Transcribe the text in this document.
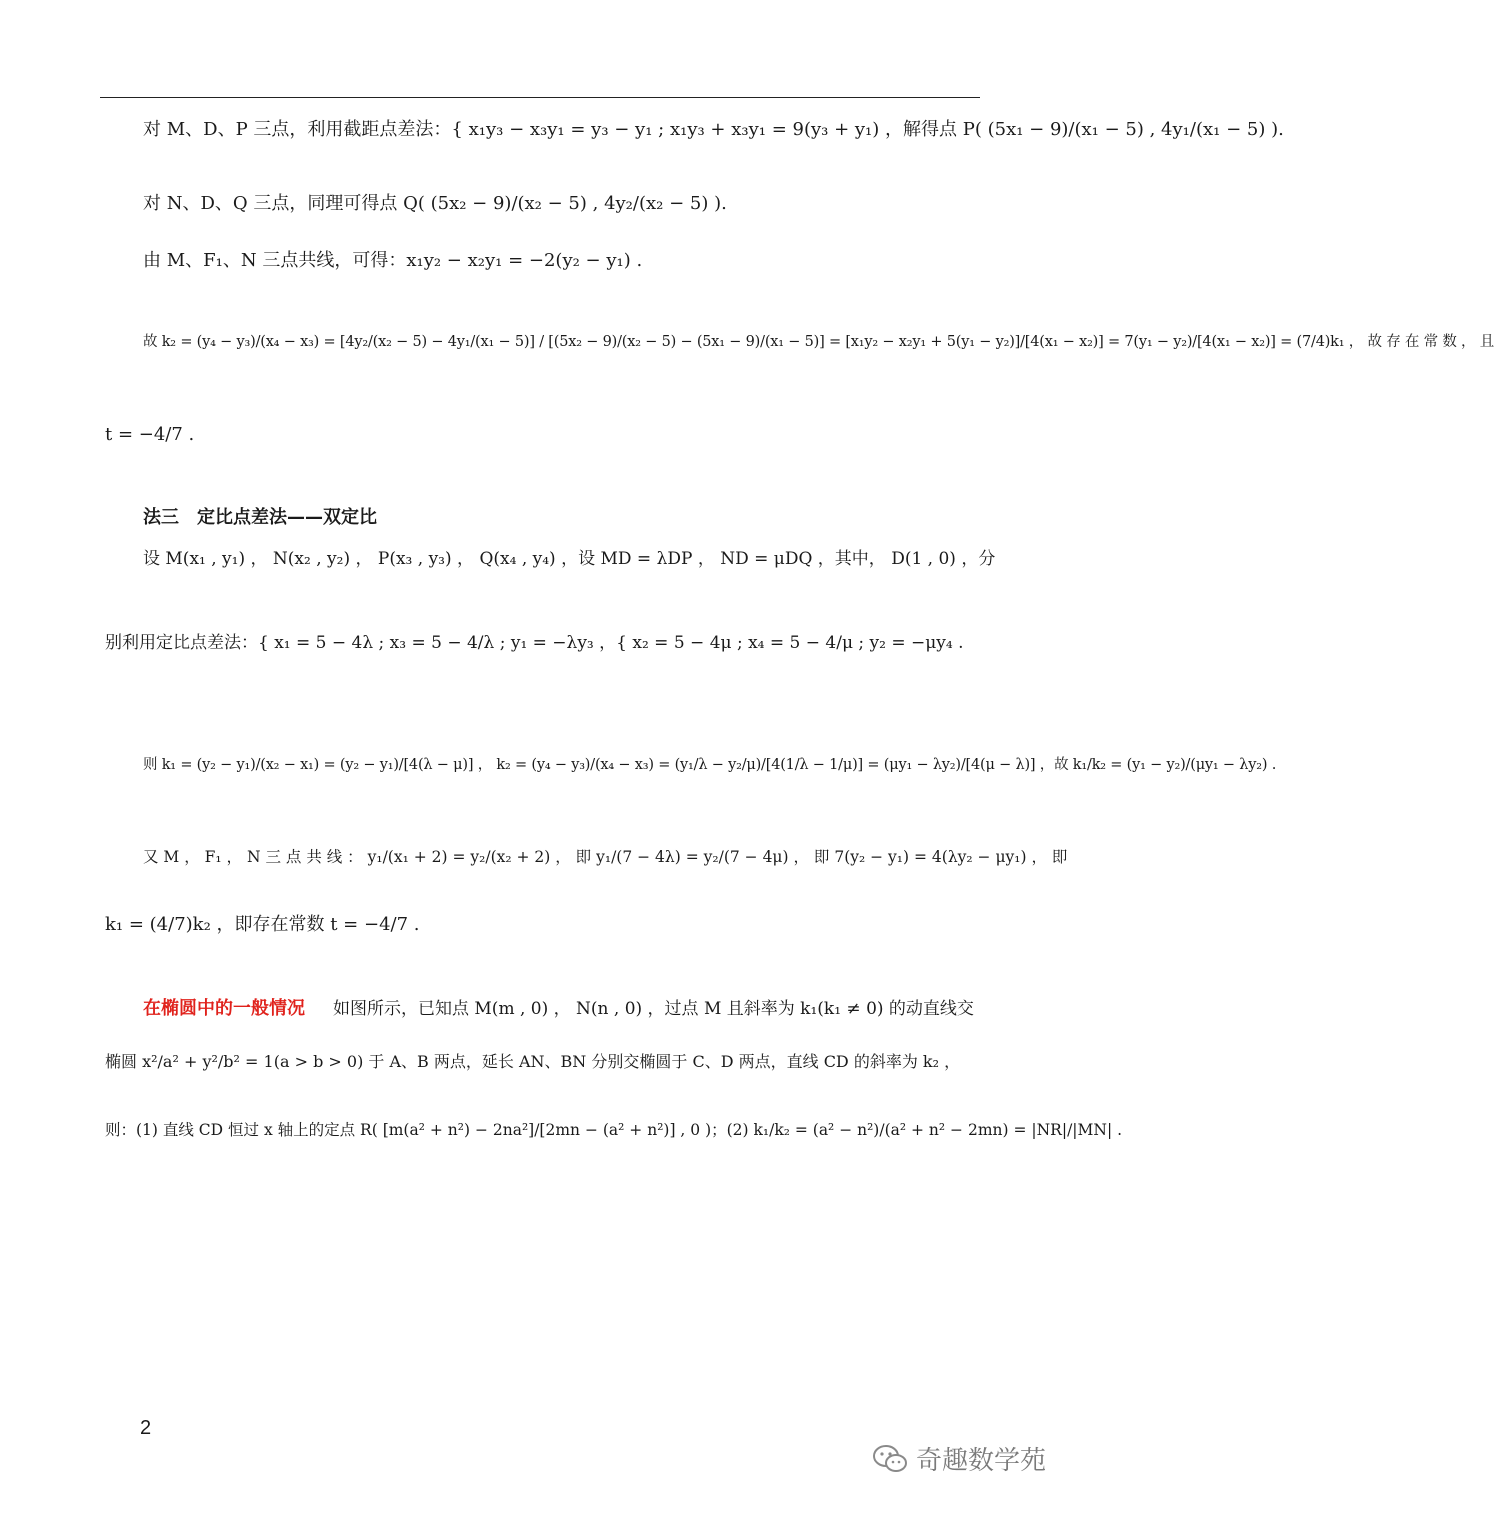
对 M、D、P 三点，利用截距点差法：{ x₁y₃ − x₃y₁ = y₃ − y₁ ; x₁y₃ + x₃y₁ = 9(y₃ + y₁) ，解得点 P( (5x₁ − 9)/(x₁ − 5) , 4y₁/(x₁ − 5) ).
对 N、D、Q 三点，同理可得点 Q( (5x₂ − 9)/(x₂ − 5) , 4y₂/(x₂ − 5) ).
由 M、F₁、N 三点共线，可得：x₁y₂ − x₂y₁ = −2(y₂ − y₁) .
故 k₂ = (y₄ − y₃)/(x₄ − x₃) = [4y₂/(x₂ − 5) − 4y₁/(x₁ − 5)] / [(5x₂ − 9)/(x₂ − 5) − (5x₁ − 9)/(x₁ − 5)] = [x₁y₂ − x₂y₁ + 5(y₁ − y₂)]/[4(x₁ − x₂)] = 7(y₁ − y₂)/[4(x₁ − x₂)] = (7/4)k₁ ， 故 存 在 常 数 ， 且
t = −4/7 .
法三　定比点差法——双定比
设 M(x₁ , y₁) ， N(x₂ , y₂) ， P(x₃ , y₃) ， Q(x₄ , y₄) ，设 MD = λDP ， ND = μDQ ，其中， D(1 , 0) ，分
别利用定比点差法：{ x₁ = 5 − 4λ ; x₃ = 5 − 4/λ ; y₁ = −λy₃ ，{ x₂ = 5 − 4μ ; x₄ = 5 − 4/μ ; y₂ = −μy₄ .
则 k₁ = (y₂ − y₁)/(x₂ − x₁) = (y₂ − y₁)/[4(λ − μ)] ， k₂ = (y₄ − y₃)/(x₄ − x₃) = (y₁/λ − y₂/μ)/[4(1/λ − 1/μ)] = (μy₁ − λy₂)/[4(μ − λ)] ，故 k₁/k₂ = (y₁ − y₂)/(μy₁ − λy₂) .
又 M ， F₁ ， N 三 点 共 线 ： y₁/(x₁ + 2) = y₂/(x₂ + 2) ， 即 y₁/(7 − 4λ) = y₂/(7 − 4μ) ， 即 7(y₂ − y₁) = 4(λy₂ − μy₁) ， 即
k₁ = (4/7)k₂ ，即存在常数 t = −4/7 .
在椭圆中的一般情况 如图所示，已知点 M(m , 0) ， N(n , 0) ，过点 M 且斜率为 k₁(k₁ ≠ 0) 的动直线交
椭圆 x²/a² + y²/b² = 1(a > b > 0) 于 A、B 两点，延长 AN、BN 分别交椭圆于 C、D 两点，直线 CD 的斜率为 k₂ ，
则：(1) 直线 CD 恒过 x 轴上的定点 R( [m(a² + n²) − 2na²]/[2mn − (a² + n²)] , 0 )；(2) k₁/k₂ = (a² − n²)/(a² + n² − 2mn) = |NR|/|MN| .
2
奇趣数学苑
